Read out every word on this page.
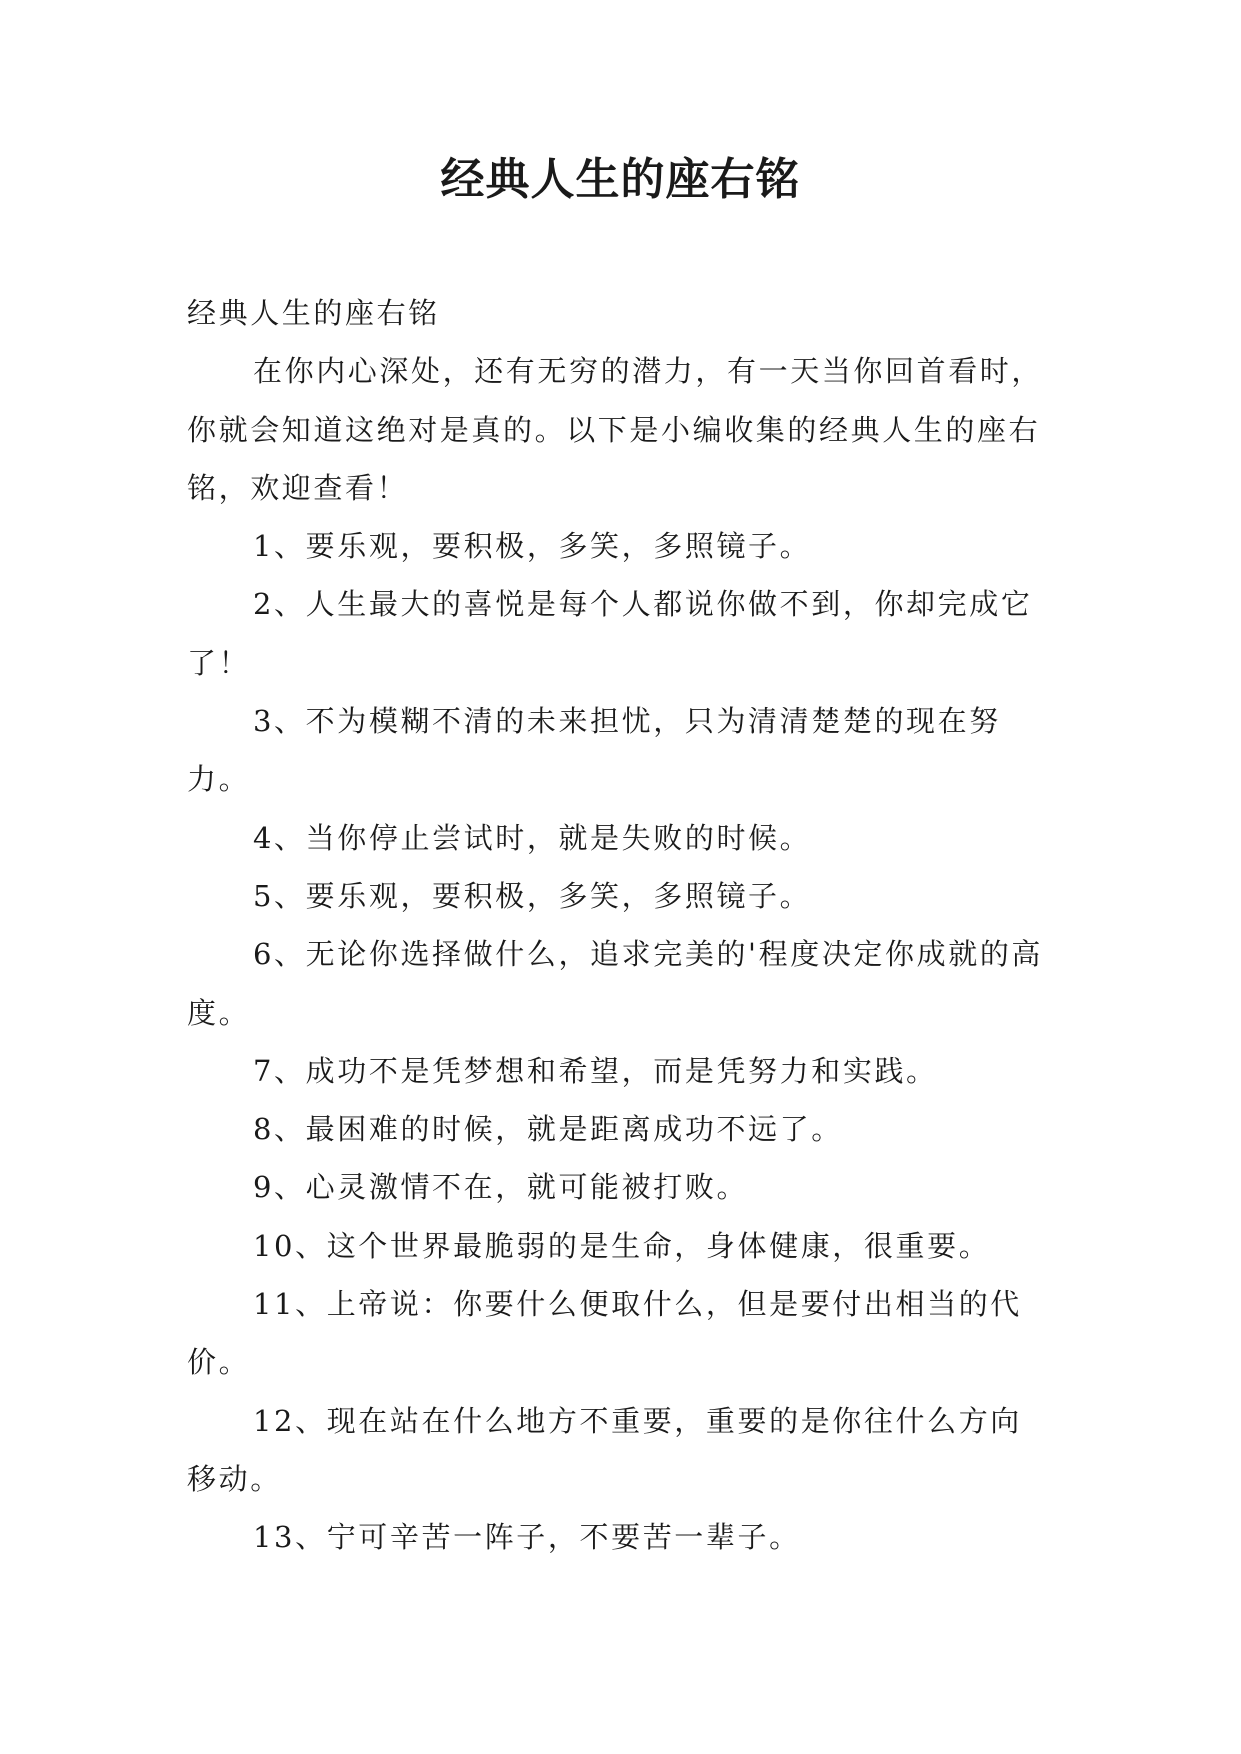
经典人生的座右铭

经典人生的座右铭

在你内心深处，还有无穷的潜力，有一天当你回首看时，你就会知道这绝对是真的。以下是小编收集的经典人生的座右铭，欢迎查看！

1、要乐观，要积极，多笑，多照镜子。

2、人生最大的喜悦是每个人都说你做不到，你却完成它了！

3、不为模糊不清的未来担忧，只为清清楚楚的现在努力。

4、当你停止尝试时，就是失败的时候。

5、要乐观，要积极，多笑，多照镜子。

6、无论你选择做什么，追求完美的'程度决定你成就的高度。

7、成功不是凭梦想和希望，而是凭努力和实践。

8、最困难的时候，就是距离成功不远了。

9、心灵激情不在，就可能被打败。

10、这个世界最脆弱的是生命，身体健康，很重要。

11、上帝说：你要什么便取什么，但是要付出相当的代价。

12、现在站在什么地方不重要，重要的是你往什么方向移动。

13、宁可辛苦一阵子，不要苦一辈子。
